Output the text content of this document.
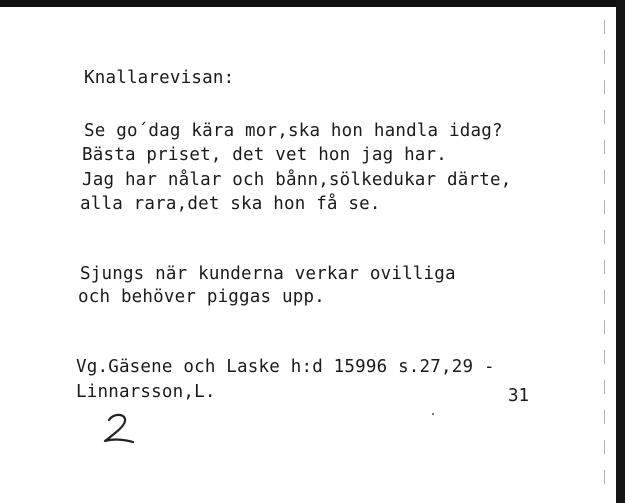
Knallarevisan:
Se go´dag kära mor,ska hon handla idag?
Bästa priset, det vet hon jag har.
Jag har nålar och bånn,sölkedukar därte,
alla rara,det ska hon få se.
Sjungs när kunderna verkar ovilliga
och behöver piggas upp.
Vg.Gäsene och Laske h:d 15996 s.27,29 -
Linnarsson,L.	31
